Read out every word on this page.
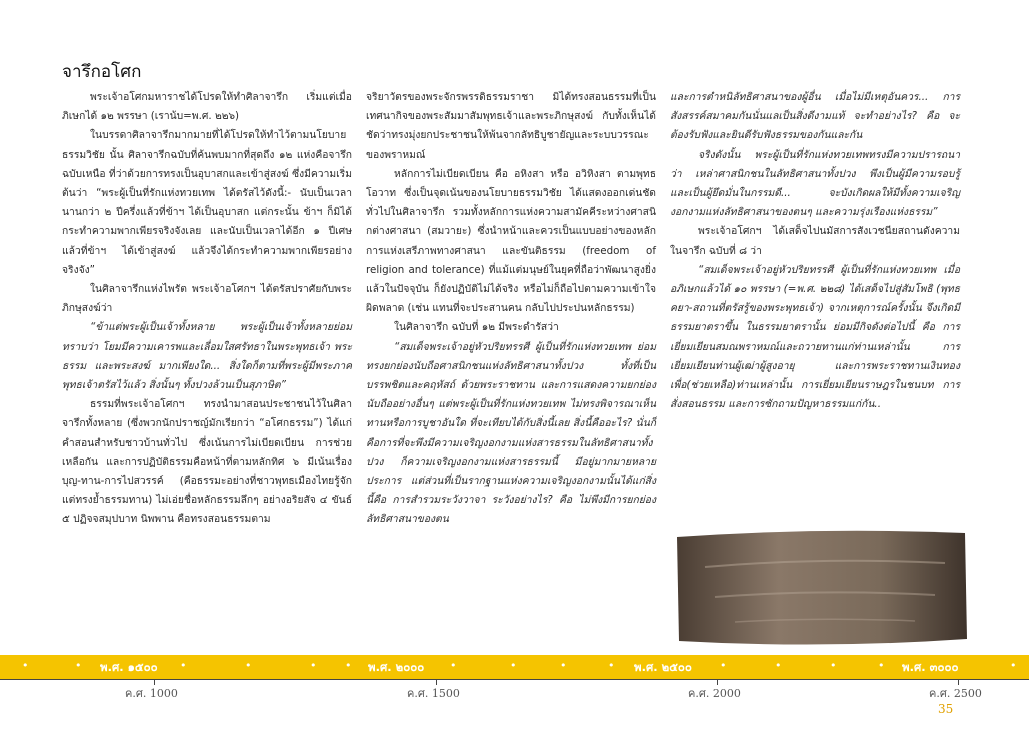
จารึกอโศก

พระเจ้าอโศกมหาราชได้โปรดให้ทำศิลาจารึก เริ่มแต่เมื่อภิเษกได้ ๑๒ พรรษา (เราน้บ=พ.ศ. ๒๒๖)

ในบรรดาศิลาจารึกมากมายที่ได้โปรดให้ทำไว้ตามนโยบายธรรมวิชัย นั้น ศิลาจารึกฉบับที่ค้นพบมากที่สุดถึง ๑๒ แห่งคือจารึกฉบับเหนือ ที่ว่าด้วยการทรงเป็นอุบาสกและเข้าสู่สงฆ์ ซึ่งมีความเริ่มต้นว่า “พระผู้เป็นที่รักแห่งทวยเทพ ได้ตรัสไว้ดังนี้:- นับเป็นเวลานานกว่า ๒ ปีครึ่งแล้วที่ข้าฯ ได้เป็นอุบาสก แต่กระนั้น ข้าฯ ก็มิได้กระทำความพากเพียรจริงจังเลย และนับเป็นเวลาได้อีก ๑ ปีเศษแล้วที่ข้าฯ ได้เข้าสู่สงฆ์ แล้วจึงได้กระทำความพากเพียรอย่างจริงจัง”

ในศิลาจารึกแห่งไพรัต พระเจ้าอโศกฯ ได้ตรัสปราศัยกับพระภิกษุสงฆ์ว่า

“ข้าแต่พระผู้เป็นเจ้าทั้งหลาย พระผู้เป็นเจ้าทั้งหลายย่อมทราบว่า โยมมีความเคารพและเลื่อมใสศรัทธาในพระพุทธเจ้า พระธรรม และพระสงฆ์ มากเพียงใด... สิ่งใดก็ตามที่พระผู้มีพระภาคพุทธเจ้าตรัสไว้แล้ว สิ่งนั้นๆ ทั้งปวงล้วนเป็นสุภาษิต”

ธรรมที่พระเจ้าอโศกฯ ทรงนำมาสอนประชาชนไว้ในศิลาจารึกทั้งหลาย (ซึ่งพวกนักปราชญ์มักเรียกว่า “อโศกธรรม”) ได้แก่คำสอนสำหรับชาวบ้านทั่วไป ซึ่งเน้นการไม่เบียดเบียน การช่วยเหลือกัน และการปฏิบัติธรรมคือหน้าที่ตามหลักทิศ ๖ มีเน้นเรื่อง บุญ-ทาน-การไปสวรรค์ (คือธรรมะอย่างที่ชาวพุทธเมืองไทยรู้จัก แต่ทรงย้ำธรรมทาน) ไม่เอ่ยชื่อหลักธรรมลึกๆ อย่างอริยสัจ ๔ ขันธ์ ๕ ปฏิจจสมุปบาท นิพพาน คือทรงสอนธรรมตาม

จริยาวัตรของพระจักรพรรดิธรรมราชา มิได้ทรงสอนธรรมที่เป็นเทศนากิจของพระสัมมาสัมพุทธเจ้าและพระภิกษุสงฆ์ กับทั้งเห็นได้ชัดว่าทรงมุ่งยกประชาชนให้พ้นจากลัทธิบูชายัญและระบบวรรณะของพราหมณ์

หลักการไม่เบียดเบียน คือ อหิงสา หรือ อวิหิงสา ตามพุทธโอวาท ซึ่งเป็นจุดเน้นของนโยบายธรรมวิชัย ได้แสดงออกเด่นชัดทั่วไปในศิลาจารึก รวมทั้งหลักการแห่งความสามัคคีระหว่างศาสนิกต่างศาสนา (สมวายะ) ซึ่งนำหน้าและควรเป็นแบบอย่างของหลักการแห่งเสรีภาพทางศาสนา และขันติธรรม (freedom of religion and tolerance) ที่แม้แต่มนุษย์ในยุคที่ถือว่าพัฒนาสูงยิ่งแล้วในปัจจุบัน ก็ยังปฏิบัติไม่ได้จริง หรือไม่ก็ถือไปตามความเข้าใจผิดพลาด (เช่น แทนที่จะประสานคน กลับไปประปนหลักธรรม)

ในศิลาจารึก ฉบับที่ ๑๒ มีพระดำรัสว่า

“สมเด็จพระเจ้าอยู่หัวปริยทรรศี ผู้เป็นที่รักแห่งทวยเทพ ย่อมทรงยกย่องนับถือศาสนิกชนแห่งลัทธิศาสนาทั้งปวง ทั้งที่เป็นบรรพชิตและคฤหัสถ์ ด้วยพระราชทาน และการแสดงความยกย่องนับถืออย่างอื่นๆ แต่พระผู้เป็นที่รักแห่งทวยเทพ ไม่ทรงพิจารณาเห็นทานหรือการบูชาอันใด ที่จะเทียบได้กับสิ่งนี้เลย สิ่งนี้คืออะไร? นั่นก็คือการที่จะพึงมีความเจริญงอกงามแห่งสารธรรมในลัทธิศาสนาทั้งปวง ก็ความเจริญงอกงามแห่งสารธรรมนี้ มีอยู่มากมายหลายประการ แต่ส่วนที่เป็นรากฐานแห่งความเจริญงอกงามนั้นได้แก่สิ่งนี้คือ การสำรวมระวังวาจา ระวังอย่างไร? คือ ไม่พึงมีการยกย่องลัทธิศาสนาของตน

และการตำหนิลัทธิศาสนาของผู้อื่น เมื่อไม่มีเหตุอันควร... การสังสรรค์สมาคมกันนั่นแลเป็นสิ่งดีงามแท้ จะทำอย่างไร? คือ จะต้องรับฟังและยินดีรับฟังธรรมของกันและกัน

จริงดังนั้น พระผู้เป็นที่รักแห่งทวยเทพทรงมีความปรารถนาว่า เหล่าศาสนิกชนในลัทธิศาสนาทั้งปวง พึงเป็นผู้มีความรอบรู้ และเป็นผู้ยึดมั่นในกรรมดี... จะบังเกิดผลให้มีทั้งความเจริญงอกงามแห่งลัทธิศาสนาของตนๆ และความรุ่งเรืองแห่งธรรม”

พระเจ้าอโศกฯ ได้เสด็จไปนมัสการสังเวชนียสถานดังความในจารึก ฉบับที่ ๘ ว่า

“สมเด็จพระเจ้าอยู่หัวปริยทรรศี ผู้เป็นที่รักแห่งทวยเทพ เมื่ออภิเษกแล้วได้ ๑๐ พรรษา (=พ.ศ. ๒๒๘) ได้เสด็จไปสู่สัมโพธิ (พุทธคยา-สถานที่ตรัสรู้ของพระพุทธเจ้า) จากเหตุการณ์ครั้งนั้น จึงเกิดมีธรรมยาตราขึ้น ในธรรมยาตรานั้น ย่อมมีกิจดังต่อไปนี้ คือ การเยี่ยมเยียนสมณพราหมณ์และถวายทานแก่ท่านเหล่านั้น การเยี่ยมเยียนท่านผู้เฒ่าผู้สูงอายุ และการพระราชทานเงินทองเพื่อ(ช่วยเหลือ)ท่านเหล่านั้น การเยี่ยมเยียนราษฎรในชนบท การสั่งสอนธรรม และการซักถามปัญหาธรรมแก่กัน..

•	• พ.ศ. ๑๕๐๐ •	•	•	• พ.ศ. ๒๐๐๐ •	•	•	• พ.ศ. ๒๕๐๐	•	•	•	• พ.ศ. ๓๐๐๐	•
ค.ศ. 1000	ค.ศ. 1500	ค.ศ. 2000	ค.ศ. 2500
35
